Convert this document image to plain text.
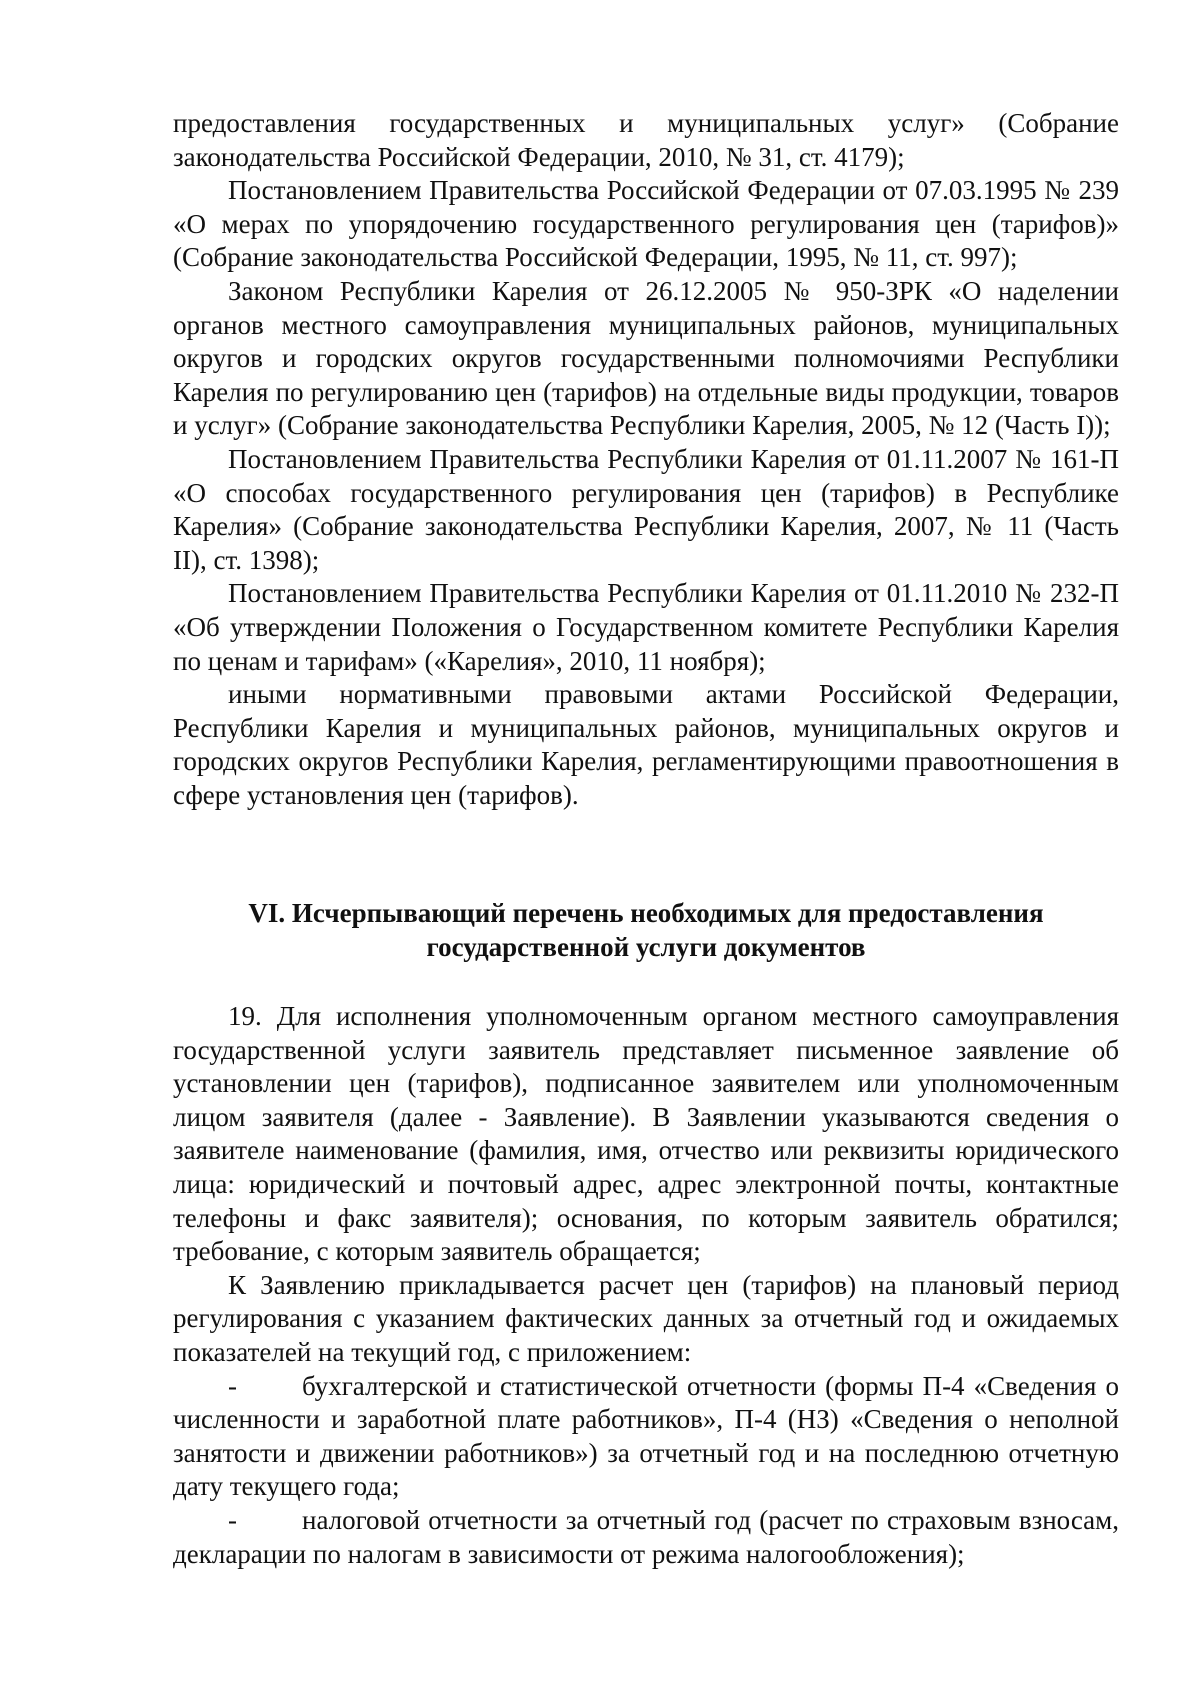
предоставления государственных и муниципальных услуг» (Собрание законодательства Российской Федерации, 2010, № 31, ст. 4179);

Постановлением Правительства Российской Федерации от 07.03.1995 № 239 «О мерах по упорядочению государственного регулирования цен (тарифов)» (Собрание законодательства Российской Федерации, 1995, № 11, ст. 997);

Законом Республики Карелия от 26.12.2005 № 950-ЗРК «О наделении органов местного самоуправления муниципальных районов, муниципальных округов и городских округов государственными полномочиями Республики Карелия по регулированию цен (тарифов) на отдельные виды продукции, товаров и услуг» (Собрание законодательства Республики Карелия, 2005, № 12 (Часть I));

Постановлением Правительства Республики Карелия от 01.11.2007 № 161-П «О способах государственного регулирования цен (тарифов) в Республике Карелия» (Собрание законодательства Республики Карелия, 2007, № 11 (Часть II), ст. 1398);

Постановлением Правительства Республики Карелия от 01.11.2010 № 232-П «Об утверждении Положения о Государственном комитете Республики Карелия по ценам и тарифам» («Карелия», 2010, 11 ноября);

иными нормативными правовыми актами Российской Федерации, Республики Карелия и муниципальных районов, муниципальных округов и городских округов Республики Карелия, регламентирующими правоотношения в сфере установления цен (тарифов).

VI. Исчерпывающий перечень необходимых для предоставления
государственной услуги документов

19. Для исполнения уполномоченным органом местного самоуправления государственной услуги заявитель представляет письменное заявление об установлении цен (тарифов), подписанное заявителем или уполномоченным лицом заявителя (далее - Заявление). В Заявлении указываются сведения о заявителе наименование (фамилия, имя, отчество или реквизиты юридического лица: юридический и почтовый адрес, адрес электронной почты, контактные телефоны и факс заявителя); основания, по которым заявитель обратился; требование, с которым заявитель обращается;

К Заявлению прикладывается расчет цен (тарифов) на плановый период регулирования с указанием фактических данных за отчетный год и ожидаемых показателей на текущий год, с приложением:

- бухгалтерской и статистической отчетности (формы П-4 «Сведения о численности и заработной плате работников», П-4 (НЗ) «Сведения о неполной занятости и движении работников») за отчетный год и на последнюю отчетную дату текущего года;

- налоговой отчетности за отчетный год (расчет по страховым взносам, декларации по налогам в зависимости от режима налогообложения);
